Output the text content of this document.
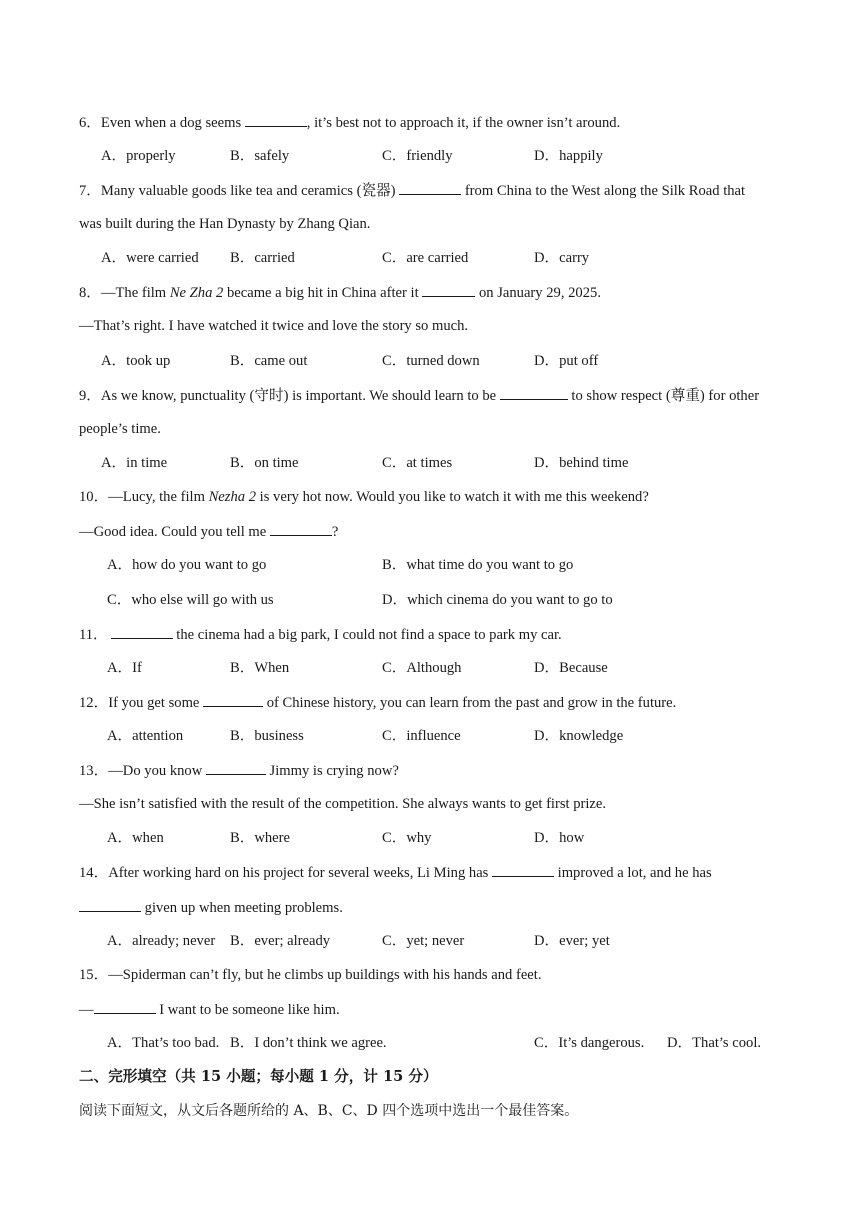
6．Even when a dog seems	, it’s best not to approach it, if the owner isn’t around.
A．properly	B．safely	C．friendly	D．happily
7．Many valuable goods like tea and ceramics (瓷器)	from China to the West along the Silk Road that
was built during the Han Dynasty by Zhang Qian.
A．were carried B．carried	C．are carried	D．carry
8．—The film Ne Zha 2 became a big hit in China after it	on January 29, 2025.
—That’s right. I have watched it twice and love the story so much.
A．took up	B．came out	C．turned down	D．put off
9．As we know, punctuality (守时) is important. We should learn to be	to show respect (尊重) for other
people’s time.
A．in time	B．on time	C．at times	D．behind time
10．—Lucy, the film Nezha 2 is very hot now. Would you like to watch it with me this weekend?
—Good idea. Could you tell me	?
A．how do you want to go	B．what time do you want to go
C．who else will go with us	D．which cinema do you want to go to
11．	the cinema had a big park, I could not find a space to park my car.
A．If	B．When	C．Although	D．Because
12．If you get some	of Chinese history, you can learn from the past and grow in the future.
A．attention	B．business	C．influence	D．knowledge
13．—Do you know	Jimmy is crying now?
—She isn’t satisfied with the result of the competition. She always wants to get first prize.
A．when	B．where	C．why	D．how
14．After working hard on his project for several weeks, Li Ming has	improved a lot, and he has
given up when meeting problems.
A．already; never B．ever; already	C．yet; never	D．ever; yet
15．—Spiderman can’t fly, but he climbs up buildings with his hands and feet.
—	I want to be someone like him.
A．That’s too bad. B．I don’t think we agree.	C．It’s dangerous. D．That’s cool.
二、完形填空（共 15 小题；每小题 1 分，计 15 分）
阅读下面短文，从文后各题所给的 A、B、C、D 四个选项中选出一个最佳答案。
